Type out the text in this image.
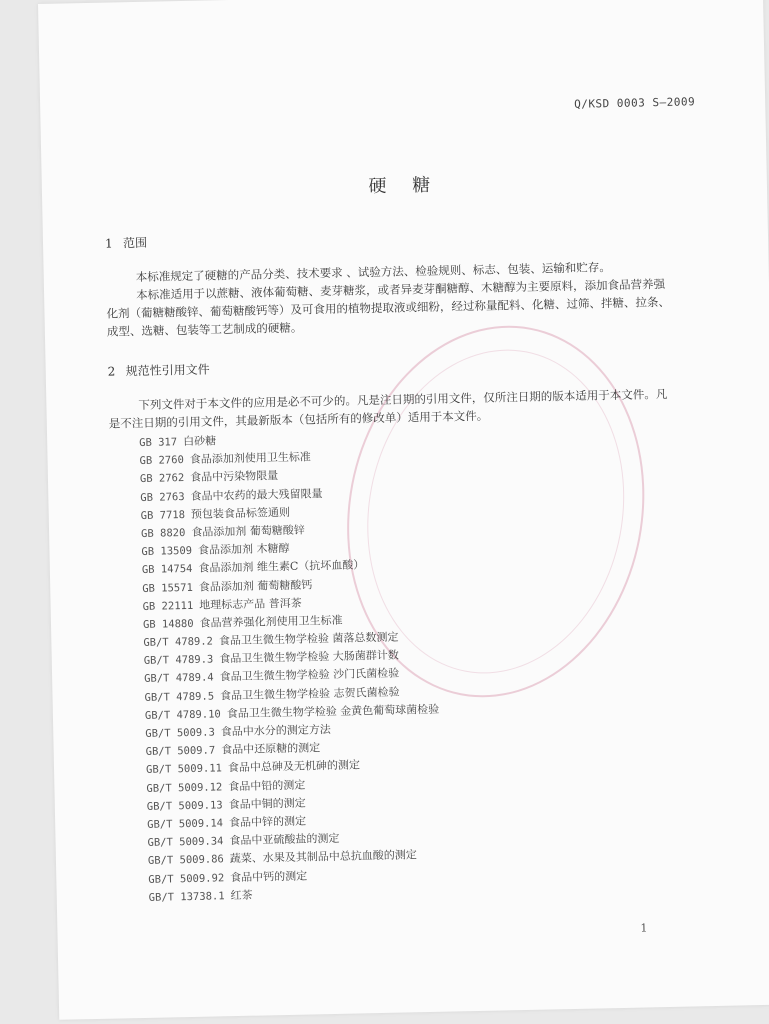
Q/KSD 0003 S—2009
硬 糖
1 范围
本标准规定了硬糖的产品分类、技术要求 、试验方法、检验规则、标志、包装、运输和贮存。
本标准适用于以蔗糖、液体葡萄糖、麦芽糖浆，或者异麦芽酮糖醇、木糖醇为主要原料，添加食品营养强化剂（葡糖糖酸锌、葡萄糖酸钙等）及可食用的植物提取液或细粉，经过称量配料、化糖、过筛、拌糖、拉条、成型、选糖、包装等工艺制成的硬糖。
2 规范性引用文件
下列文件对于本文件的应用是必不可少的。凡是注日期的引用文件，仅所注日期的版本适用于本文件。凡是不注日期的引用文件，其最新版本（包括所有的修改单）适用于本文件。
GB 317 白砂糖
GB 2760 食品添加剂使用卫生标准
GB 2762 食品中污染物限量
GB 2763 食品中农药的最大残留限量
GB 7718 预包装食品标签通则
GB 8820 食品添加剂 葡萄糖酸锌
GB 13509 食品添加剂 木糖醇
GB 14754 食品添加剂 维生素C（抗坏血酸）
GB 15571 食品添加剂 葡萄糖酸钙
GB 22111 地理标志产品 普洱茶
GB 14880 食品营养强化剂使用卫生标准
GB/T 4789.2 食品卫生微生物学检验 菌落总数测定
GB/T 4789.3 食品卫生微生物学检验 大肠菌群计数
GB/T 4789.4 食品卫生微生物学检验 沙门氏菌检验
GB/T 4789.5 食品卫生微生物学检验 志贺氏菌检验
GB/T 4789.10 食品卫生微生物学检验 金黄色葡萄球菌检验
GB/T 5009.3 食品中水分的测定方法
GB/T 5009.7 食品中还原糖的测定
GB/T 5009.11 食品中总砷及无机砷的测定
GB/T 5009.12 食品中铅的测定
GB/T 5009.13 食品中铜的测定
GB/T 5009.14 食品中锌的测定
GB/T 5009.34 食品中亚硫酸盐的测定
GB/T 5009.86 蔬菜、水果及其制品中总抗血酸的测定
GB/T 5009.92 食品中钙的测定
GB/T 13738.1 红茶
1
